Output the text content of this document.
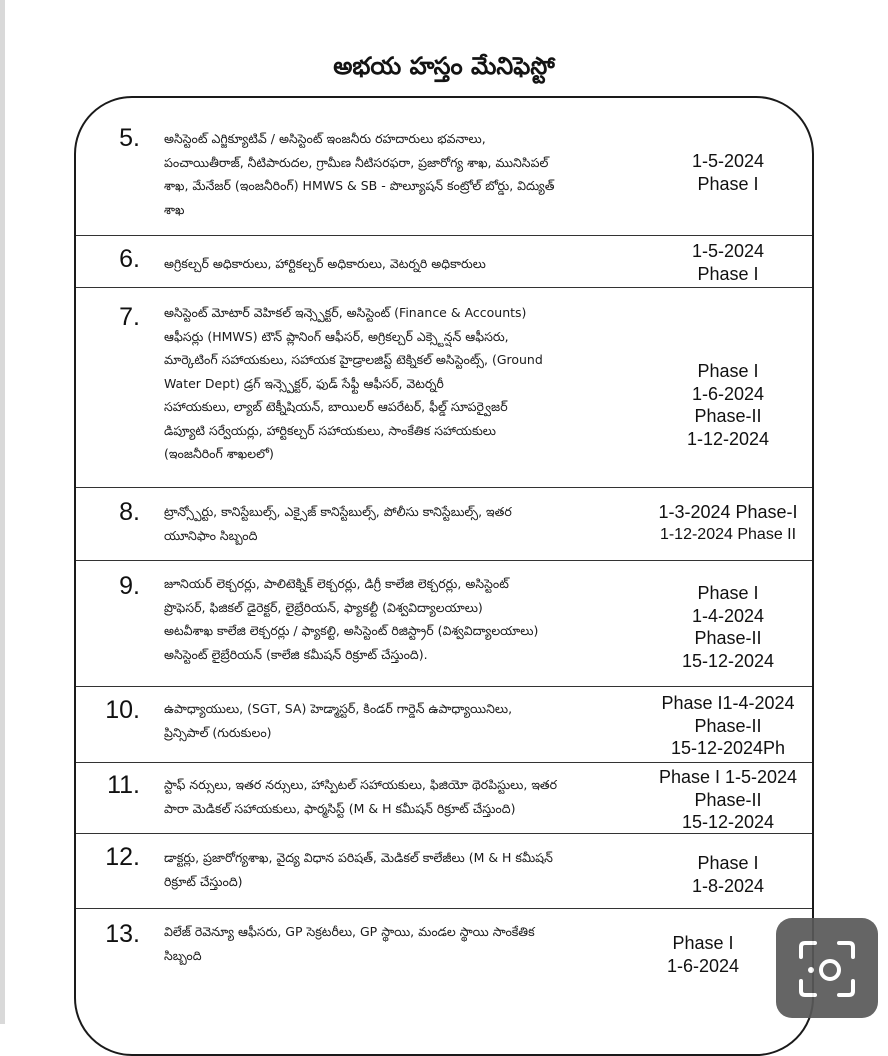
అభయ హస్తం మేనిఫెస్టో
5. అసిస్టెంట్ ఎగ్జిక్యూటివ్ / అసిస్టెంట్ ఇంజనీరు రహదారులు భవనాలు,
పంచాయితీరాజ్, నీటిపారుదల, గ్రామీణ నీటిసరఫరా, ప్రజారోగ్య శాఖ, మునిసిపల్
శాఖ, మేనేజర్ (ఇంజనీరింగ్) HMWS & SB - పొల్యూషన్ కంట్రోల్ బోర్డు, విద్యుత్
శాఖ
1-5-2024
Phase I
6. అగ్రికల్చర్ అధికారులు, హార్టికల్చర్ అధికారులు, వెటర్నరి అధికారులు
1-5-2024
Phase I
7. అసిస్టెంట్ మోటార్ వెహికల్ ఇన్స్పెక్టర్, అసిస్టెంట్ (Finance & Accounts)
ఆఫీసర్లు (HMWS) టౌన్ ప్లానింగ్ ఆఫీసర్, అగ్రికల్చర్ ఎక్స్టెన్షన్ ఆఫీసరు,
మార్కెటింగ్ సహాయకులు, సహాయక హైడ్రాలజిస్ట్ టెక్నికల్ అసిస్టెంట్స్, (Ground
Water Dept) డ్రగ్ ఇన్స్పెక్టర్, ఫుడ్ సేఫ్టీ ఆఫీసర్, వెటర్నరీ
సహాయకులు, ల్యాబ్ టెక్నీషియన్, బాయిలర్ ఆపరేటర్, ఫీల్డ్ సూపర్వైజర్
డిప్యూటి సర్వేయర్లు, హార్టికల్చర్ సహాయకులు, సాంకేతిక సహాయకులు
(ఇంజనీరింగ్ శాఖలలో)
Phase I
1-6-2024
Phase-II
1-12-2024
8. ట్రాన్స్పోర్టు, కానిస్టేబుల్స్, ఎక్సైజ్ కానిస్టేబుల్స్, పోలీసు కానిస్టేబుల్స్, ఇతర
యూనిఫాం సిబ్బంది
1-3-2024 Phase-I
1-12-2024 Phase II
9. జూనియర్ లెక్చరర్లు, పాలిటెక్నిక్ లెక్చరర్లు, డిగ్రీ కాలేజి లెక్చరర్లు, అసిస్టెంట్
ప్రొఫెసర్, ఫిజికల్ డైరెక్టర్, లైబ్రేరియన్, ఫ్యాకల్టీ (విశ్వవిద్యాలయాలు)
అటవీశాఖ కాలేజి లెక్చరర్లు / ఫ్యాకల్టి, అసిస్టెంట్ రిజిస్ట్రార్ (విశ్వవిద్యాలయాలు)
అసిస్టెంట్ లైబ్రేరియన్ (కాలేజి కమీషన్ రిక్రూట్ చేస్తుంది).
Phase I
1-4-2024
Phase-II
15-12-2024
10. ఉపాధ్యాయులు, (SGT, SA) హెడ్మాస్టర్, కిండర్ గార్డెన్ ఉపాధ్యాయినిలు,
ప్రిన్సిపాల్ (గురుకులం)
Phase I1-4-2024
Phase-II
15-12-2024Ph
11. స్టాఫ్ నర్సులు, ఇతర నర్సులు, హాస్పిటల్ సహాయకులు, ఫిజియో థెరపిస్టులు, ఇతర
పారా మెడికల్ సహాయకులు, ఫార్మసిస్ట్ (M & H కమీషన్ రిక్రూట్ చేస్తుంది)
Phase I 1-5-2024
Phase-II
15-12-2024
12. డాక్టర్లు, ప్రజారోగ్యశాఖ, వైద్య విధాన పరిషత్, మెడికల్ కాలేజీలు (M & H కమీషన్
రిక్రూట్ చేస్తుంది)
Phase I
1-8-2024
13. విలేజ్ రెవెన్యూ ఆఫీసరు, GP సెక్రటరీలు, GP స్థాయి, మండల స్థాయి సాంకేతిక
సిబ్బంది
Phase I
1-6-2024
